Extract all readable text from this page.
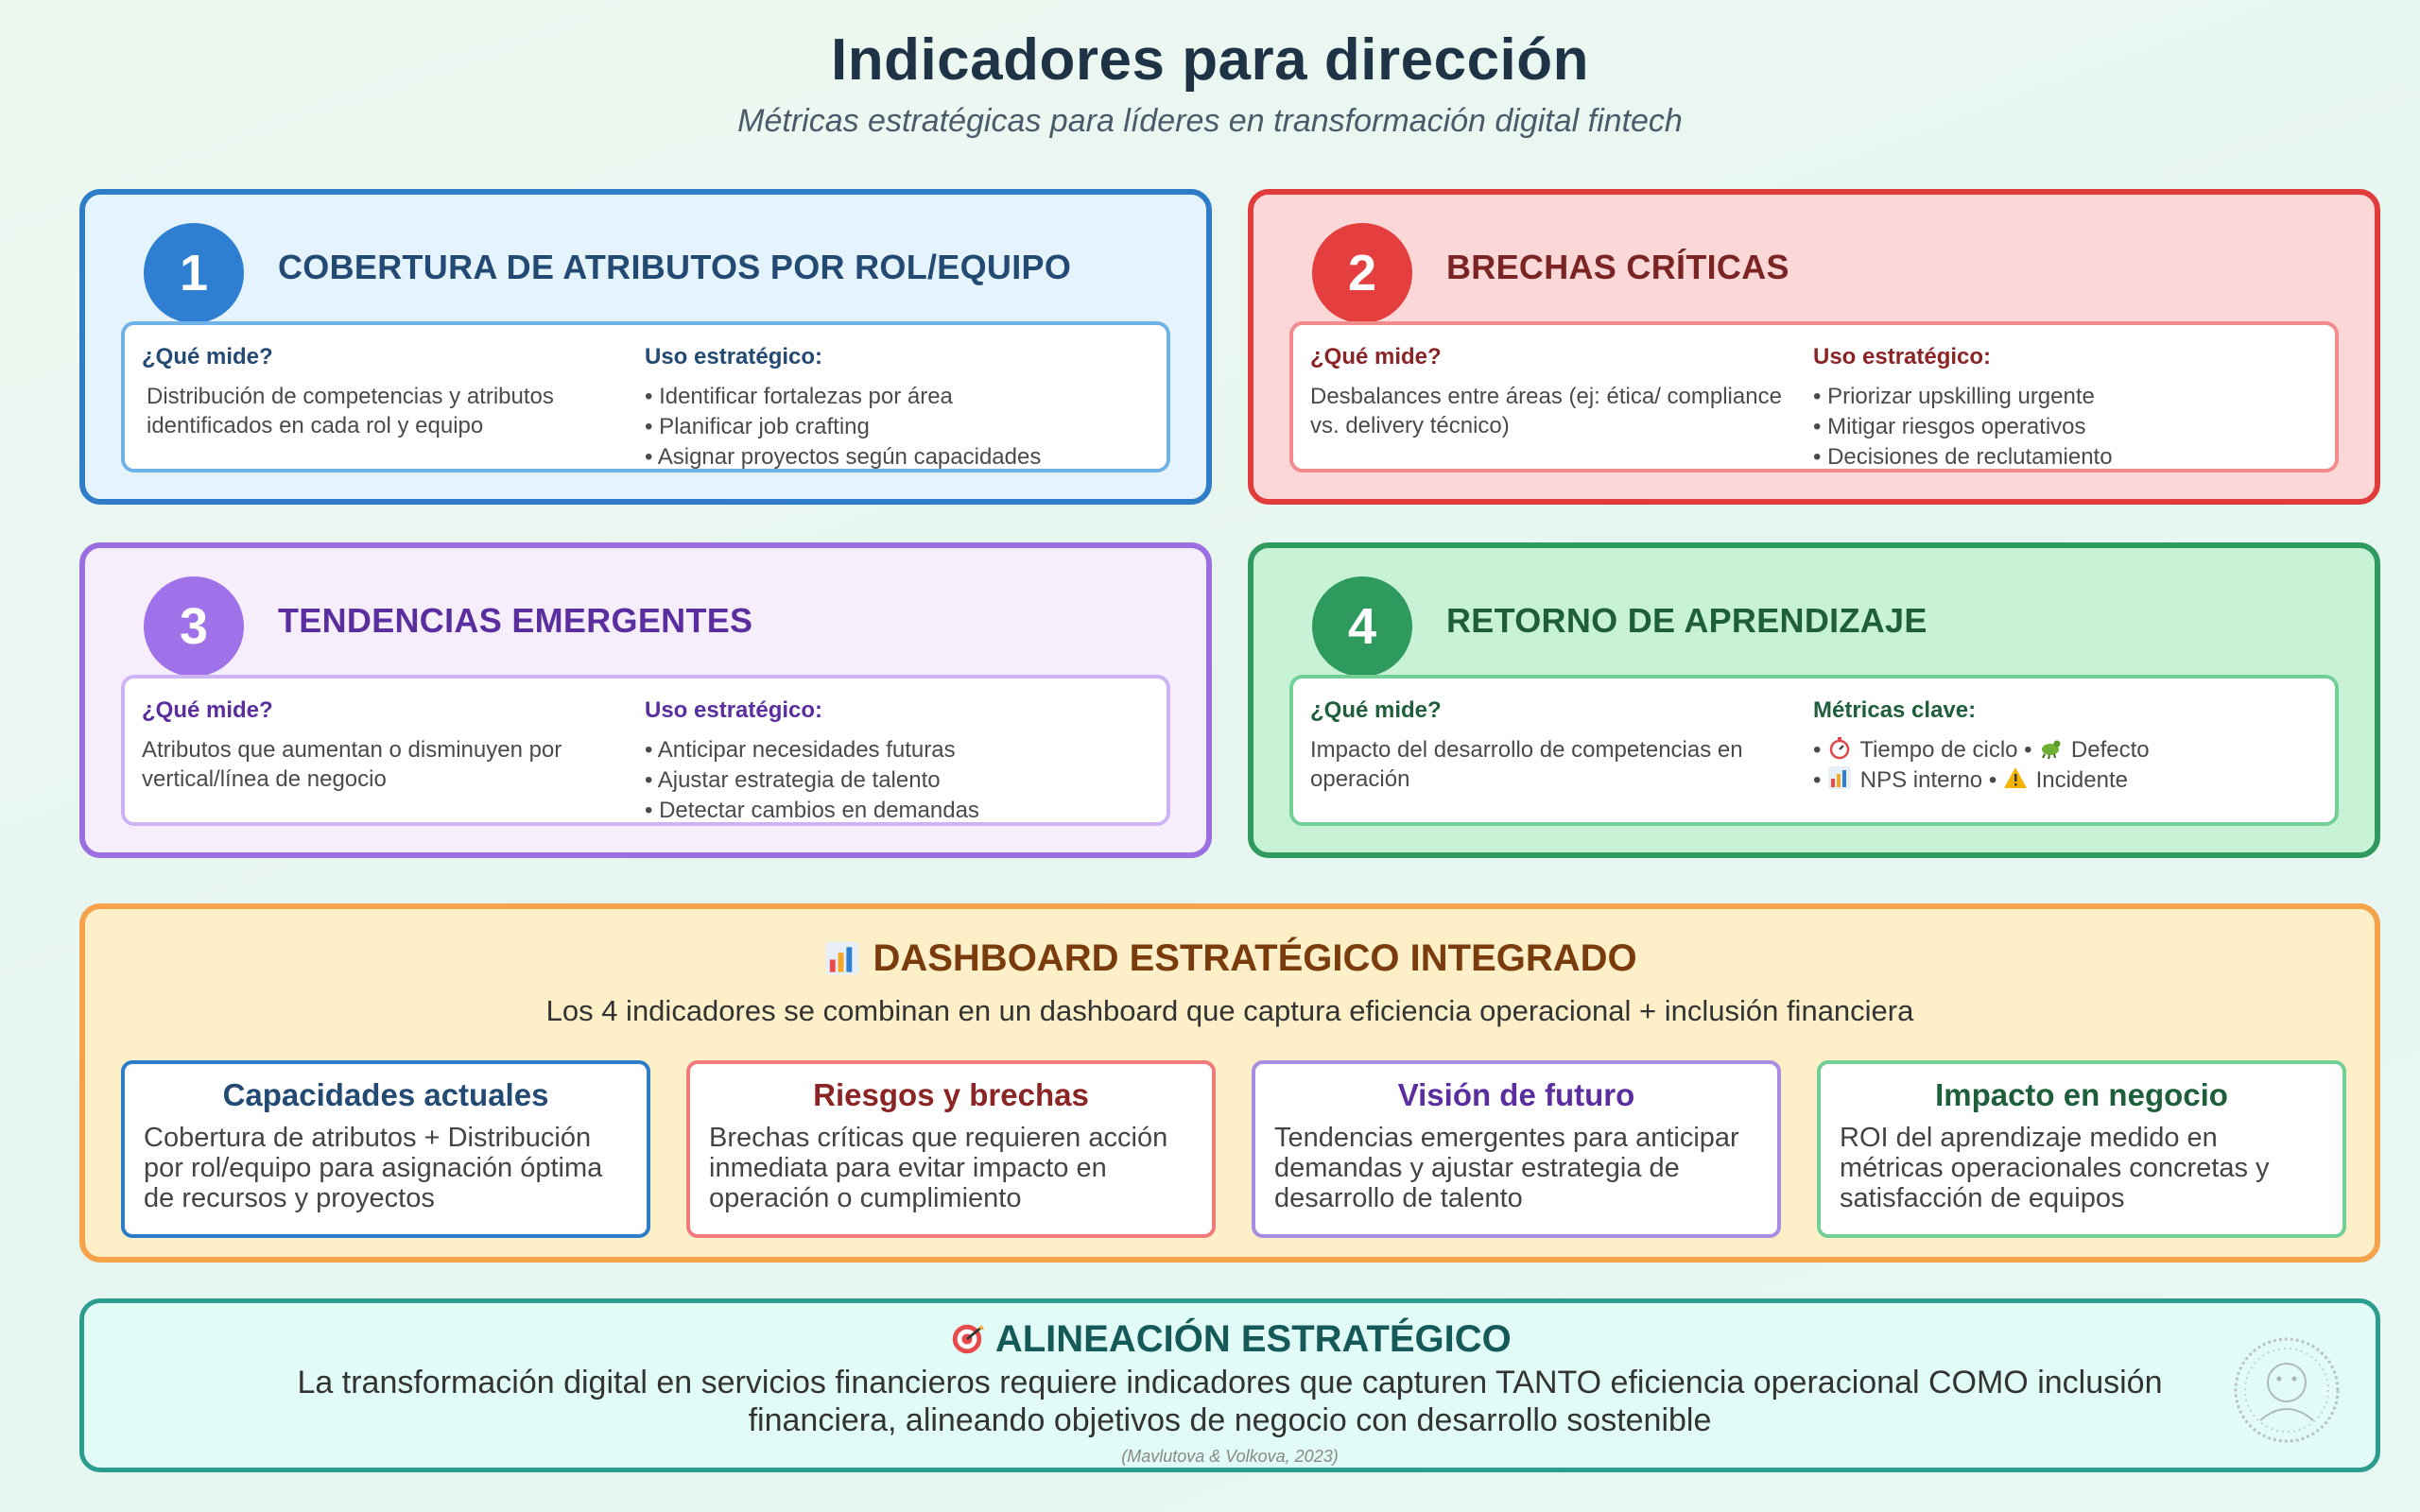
Indicadores para dirección
Métricas estratégicas para líderes en transformación digital fintech
1	COBERTURA DE ATRIBUTOS POR ROL/EQUIPO
¿Qué mide?
Distribución de competencias y atributos identificados en cada rol y equipo
Uso estratégico:
• Identificar fortalezas por área
• Planificar job crafting
• Asignar proyectos según capacidades
2	BRECHAS CRÍTICAS
¿Qué mide?
Desbalances entre áreas (ej: ética/ compliance vs. delivery técnico)
Uso estratégico:
• Priorizar upskilling urgente
• Mitigar riesgos operativos
• Decisiones de reclutamiento
3	TENDENCIAS EMERGENTES
¿Qué mide?
Atributos que aumentan o disminuyen por vertical/línea de negocio
Uso estratégico:
• Anticipar necesidades futuras
• Ajustar estrategia de talento
• Detectar cambios en demandas
4	RETORNO DE APRENDIZAJE
¿Qué mide?
Impacto del desarrollo de competencias en operación
Métricas clave:
• Tiempo de ciclo • Defecto
• NPS interno • Incidente
DASHBOARD ESTRATÉGICO INTEGRADO
Los 4 indicadores se combinan en un dashboard que captura eficiencia operacional + inclusión financiera
Capacidades actuales
Cobertura de atributos + Distribución por rol/equipo para asignación óptima de recursos y proyectos
Riesgos y brechas
Brechas críticas que requieren acción inmediata para evitar impacto en operación o cumplimiento
Visión de futuro
Tendencias emergentes para anticipar demandas y ajustar estrategia de desarrollo de talento
Impacto en negocio
ROI del aprendizaje medido en métricas operacionales concretas y satisfacción de equipos
ALINEACIÓN ESTRATÉGICO
La transformación digital en servicios financieros requiere indicadores que capturen TANTO eficiencia operacional COMO inclusión financiera, alineando objetivos de negocio con desarrollo sostenible
(Mavlutova & Volkova, 2023)
